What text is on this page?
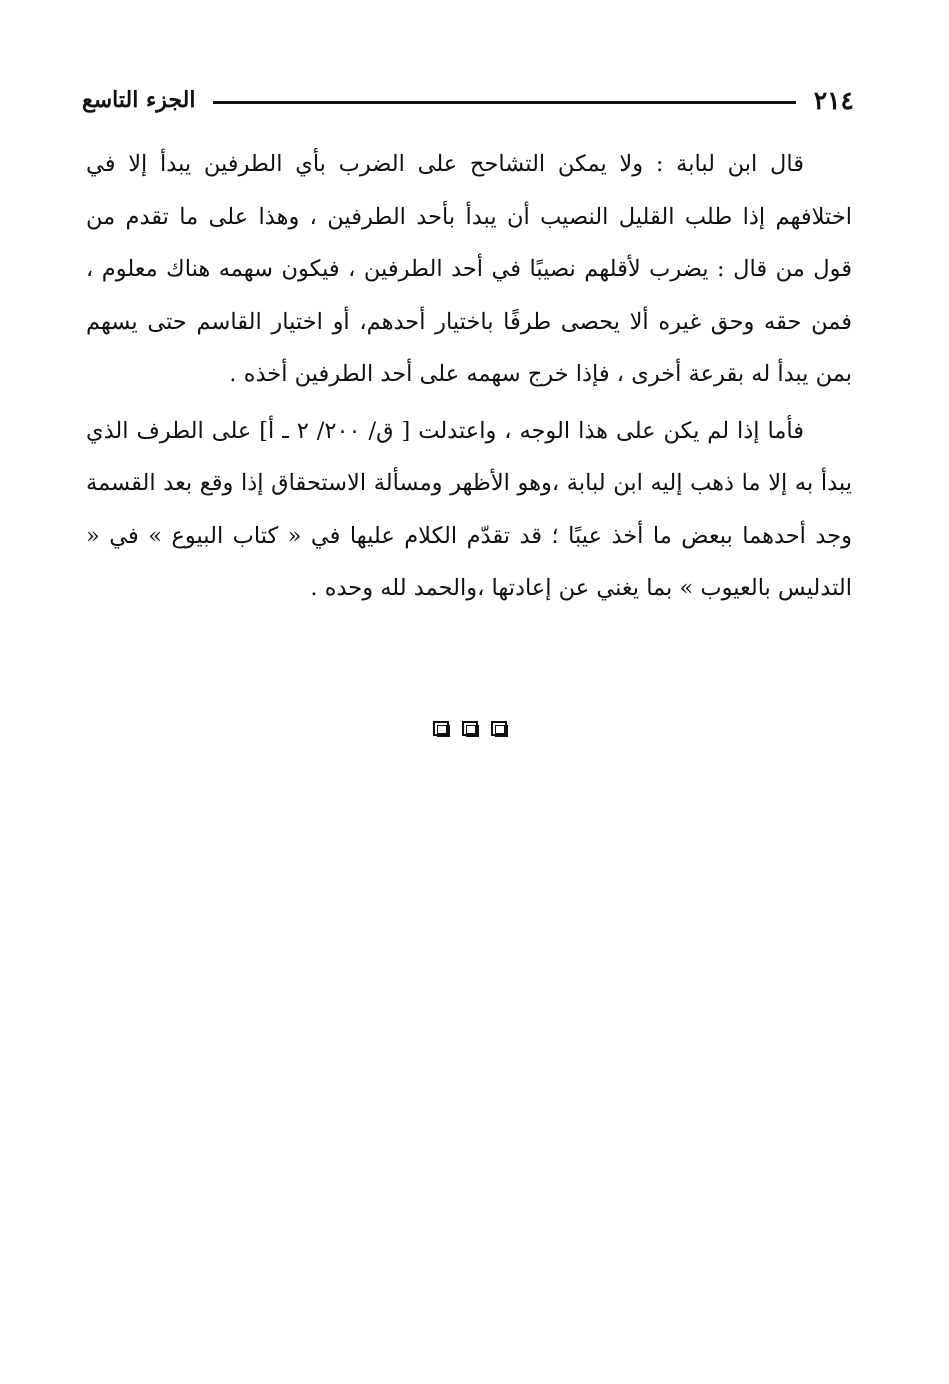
٢١٤
الجزء التاسع

قال ابن لبابة : ولا يمكن التشاحح على الضرب بأي الطرفين يبدأ إلا في اختلافهم إذا طلب القليل النصيب أن يبدأ بأحد الطرفين ، وهذا على ما تقدم من قول من قال : يضرب لأقلهم نصيبًا في أحد الطرفين ، فيكون سهمه هناك معلوم ، فمن حقه وحق غيره ألا يحصى طرفًا باختيار أحدهم، أو اختيار القاسم حتى يسهم بمن يبدأ له بقرعة أخرى ، فإذا خرج سهمه على أحد الطرفين أخذه .

فأما إذا لم يكن على هذا الوجه ، واعتدلت [ ق/ ٢٠٠/ ٢ ـ أ] على الطرف الذي يبدأ به إلا ما ذهب إليه ابن لبابة ،وهو الأظهر ومسألة الاستحقاق إذا وقع بعد القسمة وجد أحدهما ببعض ما أخذ عيبًا ؛ قد تقدّم الكلام عليها في « كتاب البيوع » في « التدليس بالعيوب » بما يغني عن إعادتها ،والحمد لله وحده .
